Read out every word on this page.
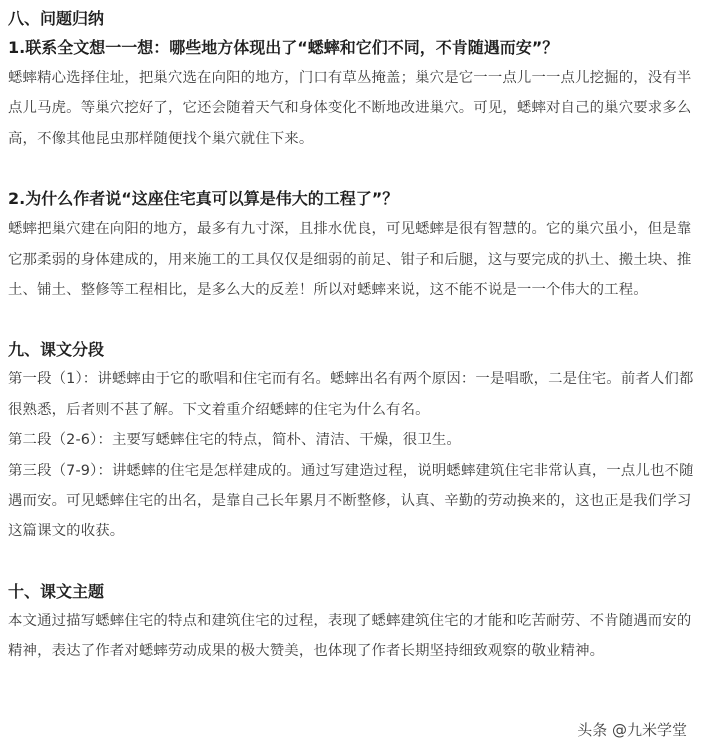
八、问题归纳
1.联系全文想一一想：哪些地方体现出了“蟋蟀和它们不同，不肯随遇而安”？

蟋蟀精心选择住址，把巢穴选在向阳的地方，门口有草丛掩盖；巢穴是它一一点儿一一点儿挖掘的，没有半点儿马虎。等巢穴挖好了，它还会随着天气和身体变化不断地改进巢穴。可见，蟋蟀对自己的巢穴要求多么高，不像其他昆虫那样随便找个巢穴就住下来。

2.为什么作者说“这座住宅真可以算是伟大的工程了”？

蟋蟀把巢穴建在向阳的地方，最多有九寸深，且排水优良，可见蟋蟀是很有智慧的。它的巢穴虽小，但是靠它那柔弱的身体建成的，用来施工的工具仅仅是细弱的前足、钳子和后腿，这与要完成的扒土、搬土块、推土、铺土、整修等工程相比，是多么大的反差！所以对蟋蟀来说，这不能不说是一一个伟大的工程。

九、课文分段

第一段（1）：讲蟋蟀由于它的歌唱和住宅而有名。蟋蟀出名有两个原因：一是唱歌，二是住宅。前者人们都很熟悉，后者则不甚了解。下文着重介绍蟋蟀的住宅为什么有名。

第二段（2-6）：主要写蟋蟀住宅的特点，简朴、清洁、干燥，很卫生。

第三段（7-9）：讲蟋蟀的住宅是怎样建成的。通过写建造过程，说明蟋蟀建筑住宅非常认真，一点儿也不随遇而安。可见蟋蟀住宅的出名，是靠自己长年累月不断整修，认真、辛勤的劳动换来的，这也正是我们学习这篇课文的收获。

十、课文主题

本文通过描写蟋蟀住宅的特点和建筑住宅的过程，表现了蟋蟀建筑住宅的才能和吃苦耐劳、不肯随遇而安的精神，表达了作者对蟋蟀劳动成果的极大赞美，也体现了作者长期坚持细致观察的敬业精神。

头条 @九米学堂
